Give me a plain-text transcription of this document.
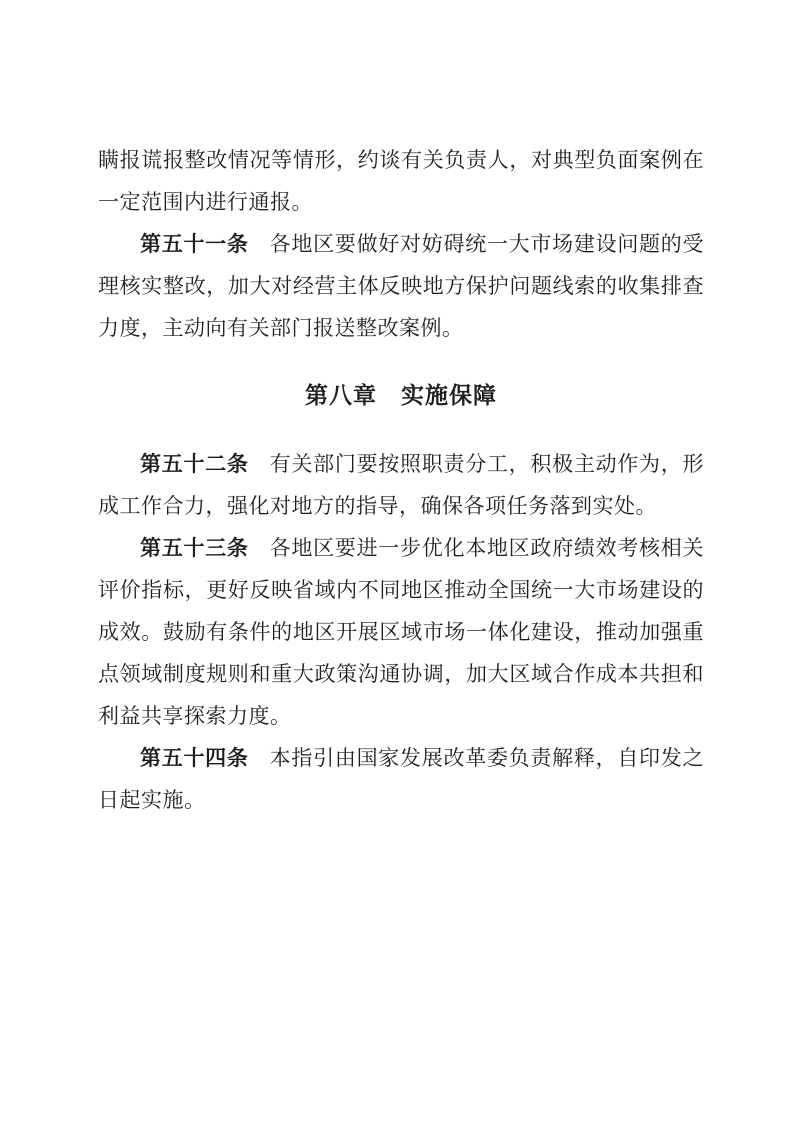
瞒报谎报整改情况等情形，约谈有关负责人，对典型负面案例在一定范围内进行通报。

第五十一条 各地区要做好对妨碍统一大市场建设问题的受理核实整改，加大对经营主体反映地方保护问题线索的收集排查力度，主动向有关部门报送整改案例。

第八章　实施保障

第五十二条 有关部门要按照职责分工，积极主动作为，形成工作合力，强化对地方的指导，确保各项任务落到实处。

第五十三条 各地区要进一步优化本地区政府绩效考核相关评价指标，更好反映省域内不同地区推动全国统一大市场建设的成效。鼓励有条件的地区开展区域市场一体化建设，推动加强重点领域制度规则和重大政策沟通协调，加大区域合作成本共担和利益共享探索力度。

第五十四条 本指引由国家发展改革委负责解释，自印发之日起实施。
